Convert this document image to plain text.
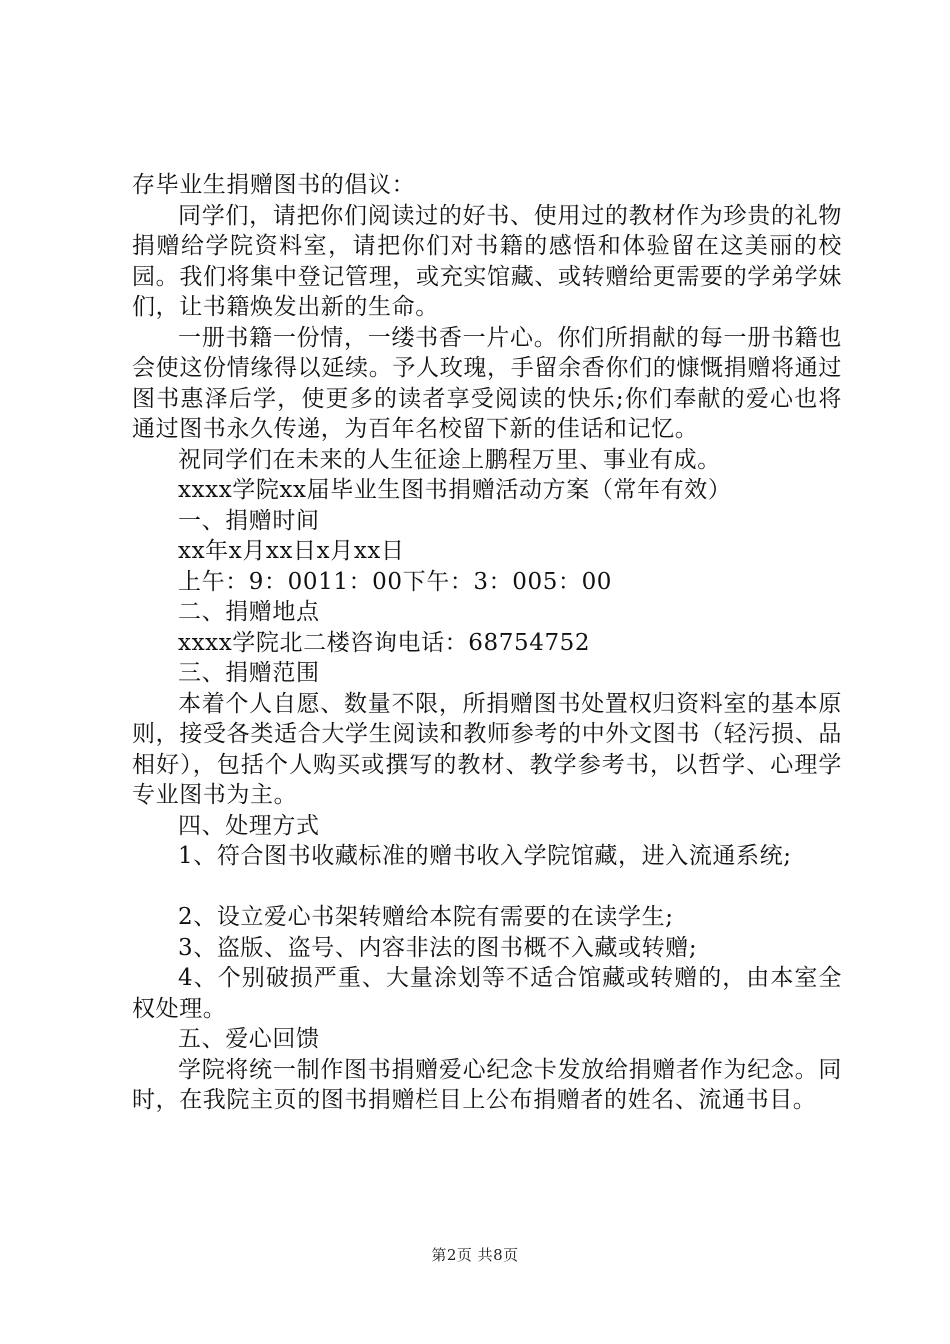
存毕业生捐赠图书的倡议：

同学们，请把你们阅读过的好书、使用过的教材作为珍贵的礼物捐赠给学院资料室，请把你们对书籍的感悟和体验留在这美丽的校园。我们将集中登记管理，或充实馆藏、或转赠给更需要的学弟学妹们，让书籍焕发出新的生命。

一册书籍一份情，一缕书香一片心。你们所捐献的每一册书籍也会使这份情缘得以延续。予人玫瑰，手留余香你们的慷慨捐赠将通过图书惠泽后学，使更多的读者享受阅读的快乐;你们奉献的爱心也将通过图书永久传递，为百年名校留下新的佳话和记忆。

祝同学们在未来的人生征途上鹏程万里、事业有成。

xxxx学院xx届毕业生图书捐赠活动方案（常年有效）

一、捐赠时间

xx年x月xx日x月xx日

上午：9：0011：00下午：3：005：00

二、捐赠地点

xxxx学院北二楼咨询电话：68754752

三、捐赠范围

本着个人自愿、数量不限，所捐赠图书处置权归资料室的基本原则，接受各类适合大学生阅读和教师参考的中外文图书（轻污损、品相好），包括个人购买或撰写的教材、教学参考书，以哲学、心理学专业图书为主。

四、处理方式

1、符合图书收藏标准的赠书收入学院馆藏，进入流通系统;

2、设立爱心书架转赠给本院有需要的在读学生;

3、盗版、盗号、内容非法的图书概不入藏或转赠;

4、个别破损严重、大量涂划等不适合馆藏或转赠的，由本室全权处理。

五、爱心回馈

学院将统一制作图书捐赠爱心纪念卡发放给捐赠者作为纪念。同时，在我院主页的图书捐赠栏目上公布捐赠者的姓名、流通书目。

第2页 共8页
